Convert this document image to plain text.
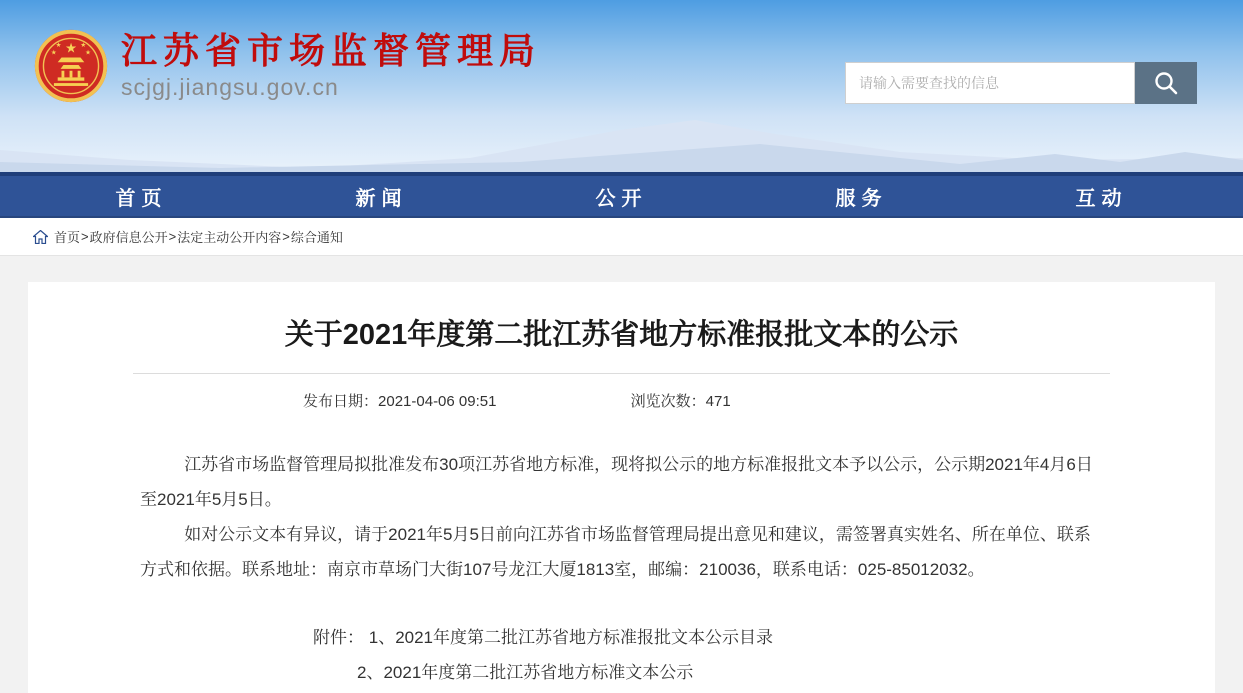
★
★	★
★	★ 江苏省市场监督管理局
scjgj.jiangsu.gov.cn
请输入需要查找的信息
首页	新闻	公开	服务	互动
首页 > 政府信息公开 > 法定主动公开内容 > 综合通知
关于2021年度第二批江苏省地方标准报批文本的公示
发布日期：2021-04-06 09:51	浏览次数：471

江苏省市场监督管理局拟批准发布30项江苏省地方标准，现将拟公示的地方标准报批文本予以公示，公示期2021年4月6日至2021年5月5日。

如对公示文本有异议，请于2021年5月5日前向江苏省市场监督管理局提出意见和建议，需签署真实姓名、所在单位、联系方式和依据。联系地址：南京市草场门大街107号龙江大厦1813室，邮编：210036，联系电话：025-85012032。

附件： 1、2021年度第二批江苏省地方标准报批文本公示目录
2、2021年度第二批江苏省地方标准文本公示
